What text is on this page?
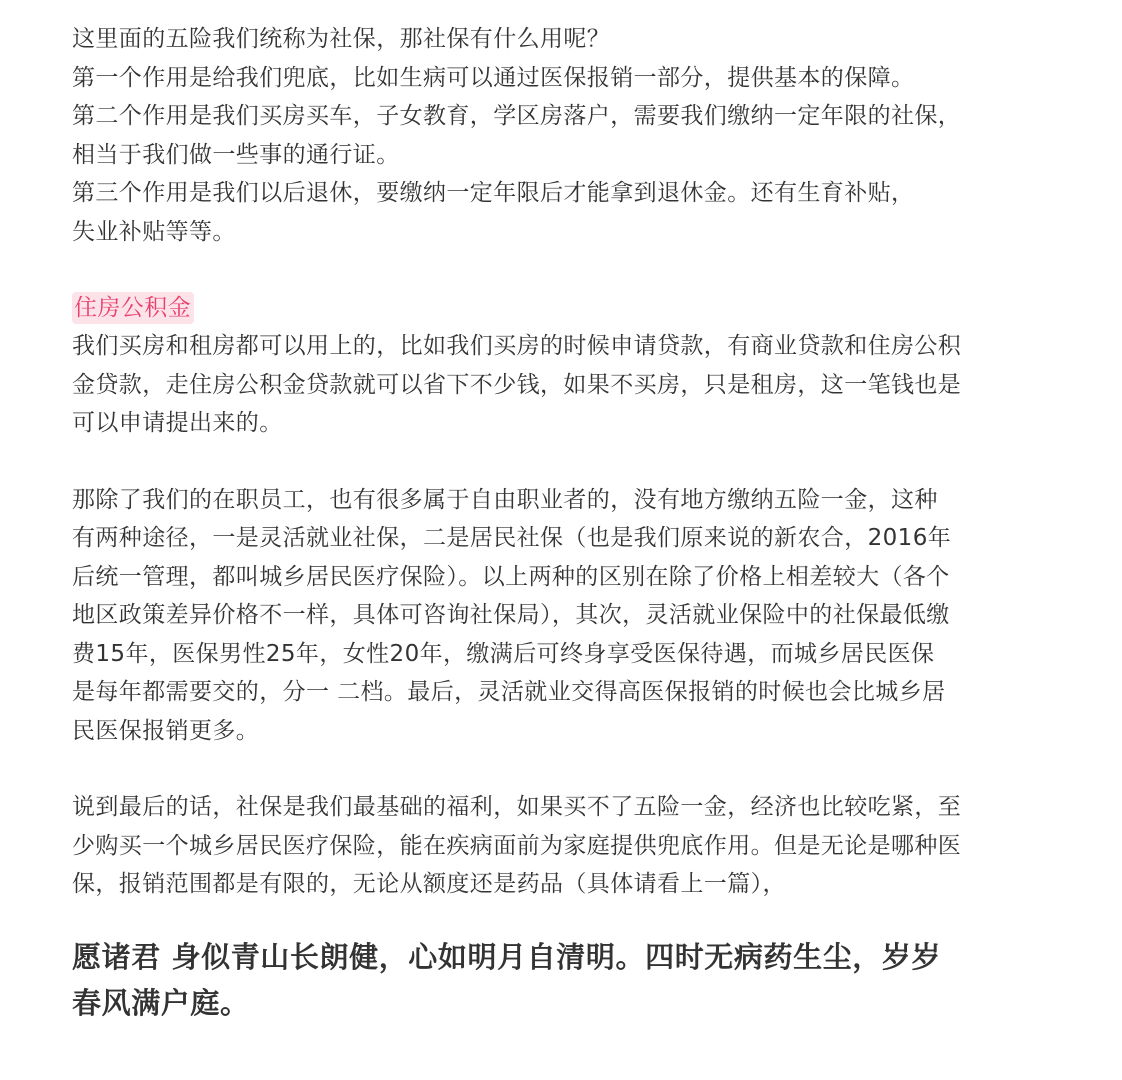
这里面的五险我们统称为社保，那社保有什么用呢？
第一个作用是给我们兜底，比如生病可以通过医保报销一部分，提供基本的保障。
第二个作用是我们买房买车，子女教育，学区房落户，需要我们缴纳一定年限的社保，
相当于我们做一些事的通行证。
第三个作用是我们以后退休，要缴纳一定年限后才能拿到退休金。还有生育补贴，
失业补贴等等。

住房公积金

我们买房和租房都可以用上的，比如我们买房的时候申请贷款，有商业贷款和住房公积
金贷款，走住房公积金贷款就可以省下不少钱，如果不买房，只是租房，这一笔钱也是
可以申请提出来的。

那除了我们的在职员工，也有很多属于自由职业者的，没有地方缴纳五险一金，这种
有两种途径，一是灵活就业社保，二是居民社保（也是我们原来说的新农合，2016年
后统一管理，都叫城乡居民医疗保险）。以上两种的区别在除了价格上相差较大（各个
地区政策差异价格不一样，具体可咨询社保局），其次，灵活就业保险中的社保最低缴
费15年，医保男性25年，女性20年，缴满后可终身享受医保待遇，而城乡居民医保
是每年都需要交的，分一 二档。最后，灵活就业交得高医保报销的时候也会比城乡居
民医保报销更多。

说到最后的话，社保是我们最基础的福利，如果买不了五险一金，经济也比较吃紧，至
少购买一个城乡居民医疗保险，能在疾病面前为家庭提供兜底作用。但是无论是哪种医
保，报销范围都是有限的，无论从额度还是药品（具体请看上一篇），

愿诸君 身似青山长朗健，心如明月自清明。四时无病药生尘，岁岁
春风满户庭。
